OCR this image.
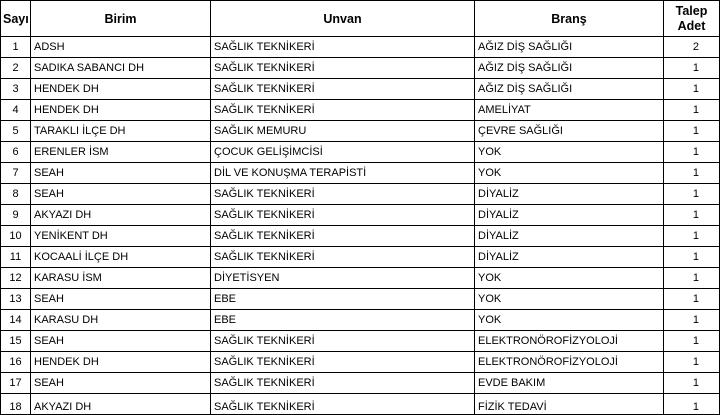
Sayı	Birim	Unvan	Branş	Talep
Adet

1	ADSH	SAĞLIK TEKNİKERİ	AĞIZ DİŞ SAĞLIĞI	2
2	SADIKA SABANCI DH	SAĞLIK TEKNİKERİ	AĞIZ DİŞ SAĞLIĞI	1
3	HENDEK DH	SAĞLIK TEKNİKERİ	AĞIZ DİŞ SAĞLIĞI	1
4	HENDEK DH	SAĞLIK TEKNİKERİ	AMELİYAT	1
5	TARAKLI İLÇE DH	SAĞLIK MEMURU	ÇEVRE SAĞLIĞI	1
6	ERENLER İSM	ÇOCUK GELİŞİMCİSİ	YOK	1
7	SEAH	DİL VE KONUŞMA TERAPİSTİ	YOK	1
8	SEAH	SAĞLIK TEKNİKERİ	DİYALİZ	1
9	AKYAZI DH	SAĞLIK TEKNİKERİ	DİYALİZ	1
10	YENİKENT DH	SAĞLIK TEKNİKERİ	DİYALİZ	1
11	KOCAALİ İLÇE DH	SAĞLIK TEKNİKERİ	DİYALİZ	1
12	KARASU İSM	DİYETİSYEN	YOK	1
13	SEAH	EBE	YOK	1
14	KARASU DH	EBE	YOK	1
15	SEAH	SAĞLIK TEKNİKERİ	ELEKTRONÖROFİZYOLOJİ	1
16	HENDEK DH	SAĞLIK TEKNİKERİ	ELEKTRONÖROFİZYOLOJİ	1
17	SEAH	SAĞLIK TEKNİKERİ	EVDE BAKIM	1
18	AKYAZI DH	SAĞLIK TEKNİKERİ	FİZİK TEDAVİ	1
